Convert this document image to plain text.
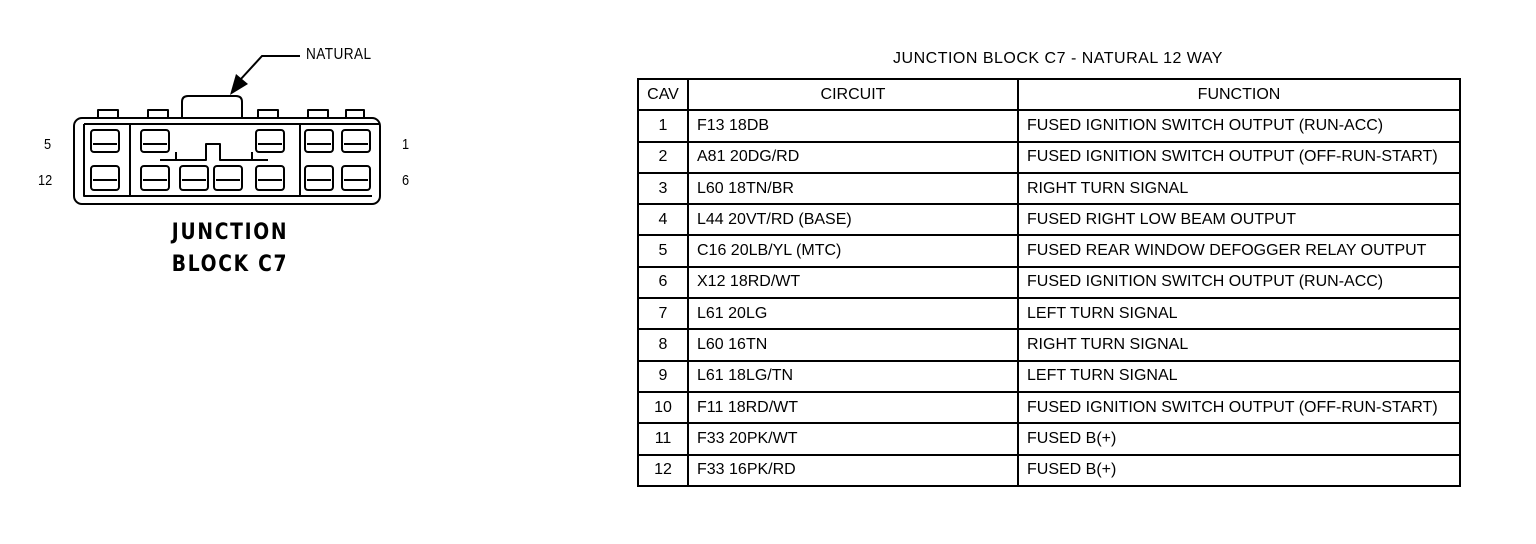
NATURAL
5
12
1
6
JUNCTION
BLOCK C7
JUNCTION BLOCK C7 - NATURAL 12 WAY
CAV	CIRCUIT	FUNCTION
1	F13 18DB	FUSED IGNITION SWITCH OUTPUT (RUN-ACC)
2	A81 20DG/RD	FUSED IGNITION SWITCH OUTPUT (OFF-RUN-START)
3	L60 18TN/BR	RIGHT TURN SIGNAL
4	L44 20VT/RD (BASE)	FUSED RIGHT LOW BEAM OUTPUT
5	C16 20LB/YL (MTC)	FUSED REAR WINDOW DEFOGGER RELAY OUTPUT
6	X12 18RD/WT	FUSED IGNITION SWITCH OUTPUT (RUN-ACC)
7	L61 20LG	LEFT TURN SIGNAL
8	L60 16TN	RIGHT TURN SIGNAL
9	L61 18LG/TN	LEFT TURN SIGNAL
10	F11 18RD/WT	FUSED IGNITION SWITCH OUTPUT (OFF-RUN-START)
11	F33 20PK/WT	FUSED B(+)
12	F33 16PK/RD	FUSED B(+)
